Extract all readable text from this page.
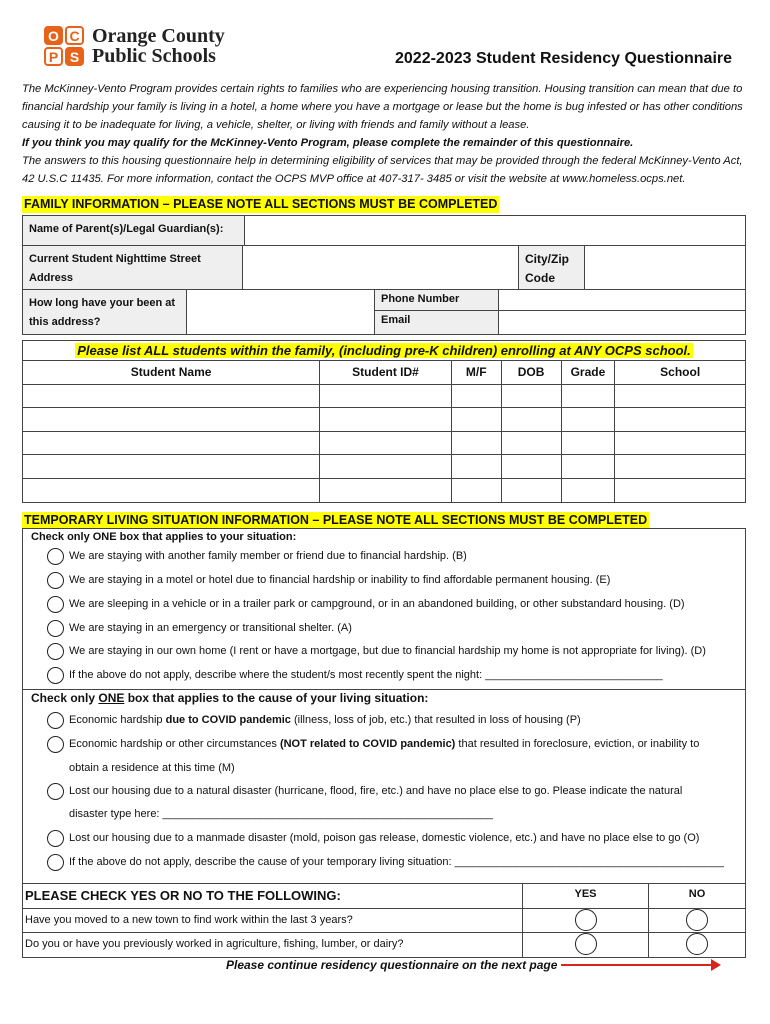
O C
P S
Orange County
Public Schools	2022-2023 Student Residency Questionnaire

The McKinney-Vento Program provides certain rights to families who are experiencing housing transition. Housing transition can mean that due to financial hardship your family is living in a hotel, a home where you have a mortgage or lease but the home is bug infested or has other conditions causing it to be inadequate for living, a vehicle, shelter, or living with friends and family without a lease.

If you think you may qualify for the McKinney-Vento Program, please complete the remainder of this questionnaire.

The answers to this housing questionnaire help in determining eligibility of services that may be provided through the federal McKinney-Vento Act, 42 U.S.C 11435. For more information, contact the OCPS MVP office at 407-317- 3485 or visit the website at www.homeless.ocps.net.

FAMILY INFORMATION – PLEASE NOTE ALL SECTIONS MUST BE COMPLETED
Name of Parent(s)/Legal Guardian(s):
Current Student Nighttime Street Address
City/Zip Code
How long have your been at this address?
Phone Number
Email
Please list ALL students within the family, (including pre-K children) enrolling at ANY OCPS school.
Student Name	Student ID#	M/F	DOB	Grade	School
TEMPORARY LIVING SITUATION INFORMATION – PLEASE NOTE ALL SECTIONS MUST BE COMPLETED
Check only ONE box that applies to your situation:
We are staying with another family member or friend due to financial hardship. (B)
We are staying in a motel or hotel due to financial hardship or inability to find affordable permanent housing. (E)
We are sleeping in a vehicle or in a trailer park or campground, or in an abandoned building, or other substandard housing. (D)
We are staying in an emergency or transitional shelter. (A)
We are staying in our own home (I rent or have a mortgage, but due to financial hardship my home is not appropriate for living). (D)
If the above do not apply, describe where the student/s most recently spent the night: _____________________________
Check only ONE box that applies to the cause of your living situation:
Economic hardship due to COVID pandemic (illness, loss of job, etc.) that resulted in loss of housing (P)
Economic hardship or other circumstances (NOT related to COVID pandemic) that resulted in foreclosure, eviction, or inability to
obtain a residence at this time (M)
Lost our housing due to a natural disaster (hurricane, flood, fire, etc.) and have no place else to go. Please indicate the natural
disaster type here: ______________________________________________________
Lost our housing due to a manmade disaster (mold, poison gas release, domestic violence, etc.) and have no place else to go (O)
If the above do not apply, describe the cause of your temporary living situation: ____________________________________________
PLEASE CHECK YES OR NO TO THE FOLLOWING:	YES	NO
Have you moved to a new town to find work within the last 3 years?
Do you or have you previously worked in agriculture, fishing, lumber, or dairy?
Please continue residency questionnaire on the next page
